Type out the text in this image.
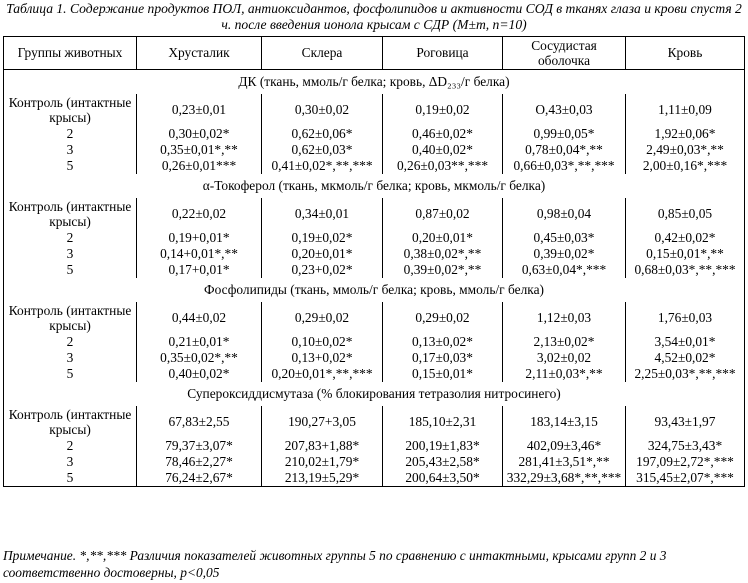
Таблица 1. Содержание продуктов ПОЛ, антиоксидантов, фосфолипидов и активности СОД в тканях глаза и крови спустя 2 ч. после введения ионола крысам с СДР (M±m, n=10)
Группы животных	Хрусталик	Склера	Роговица	Сосудистая оболочка	Кровь
ДК (ткань, ммоль/г белка; кровь, ΔD₂₃₃/г белка)					
Контроль (интактные крысы)	0,23±0,01	0,30±0,02	0,19±0,02	О,43±0,03	1,11±0,09
2	0,30±0,02*	0,62±0,06*	0,46±0,02*	0,99±0,05*	1,92±0,06*
3	0,35±0,01*,**	0,62±0,03*	0,40±0,02*	0,78±0,04*,**	2,49±0,03*,**
5	0,26±0,01***	0,41±0,02*,**,***	0,26±0,03**,***	0,66±0,03*,**,***	2,00±0,16*,***
α-Токоферол (ткань, мкмоль/г белка; кровь, мкмоль/г белка)					
Контроль (интактные крысы)	0,22±0,02	0,34±0,01	0,87±0,02	0,98±0,04	0,85±0,05
2	0,19+0,01*	0,19±0,02*	0,20±0,01*	0,45±0,03*	0,42±0,02*
3	0,14+0,01*,**	0,20±0,01*	0,38±0,02*,**	0,39±0,02*	0,15±0,01*,**
5	0,17+0,01*	0,23+0,02*	0,39±0,02*,**	0,63±0,04*,***	0,68±0,03*,**,***
Фосфолипиды (ткань, ммоль/г белка; кровь, ммоль/г белка)					
Контроль (интактные крысы)	0,44±0,02	0,29±0,02	0,29±0,02	1,12±0,03	1,76±0,03
2	0,21±0,01*	0,10±0,02*	0,13±0,02*	2,13±0,02*	3,54±0,01*
3	0,35±0,02*,**	0,13+0,02*	0,17±0,03*	3,02±0,02	4,52±0,02*
5	0,40±0,02*	0,20±0,01*,**,***	0,15±0,01*	2,11±0,03*,**	2,25±0,03*,**,***
Супероксиддисмутаза (% блокирования тетразолия нитросинего)					
Контроль (интактные крысы)	67,83±2,55	190,27+3,05	185,10±2,31	183,14±3,15	93,43±1,97
2	79,37±3,07*	207,83+1,88*	200,19±1,83*	402,09±3,46*	324,75±3,43*
3	78,46±2,27*	210,02±1,79*	205,43±2,58*	281,41±3,51*,**	197,09±2,72*,***
5	76,24±2,67*	213,19±5,29*	200,64±3,50*	332,29±3,68*,**,***	315,45±2,07*,***
Примечание. *,**,*** Различия показателей животных группы 5 по сравнению с интактными, крысами групп 2 и 3 соответственно достоверны, p<0,05
